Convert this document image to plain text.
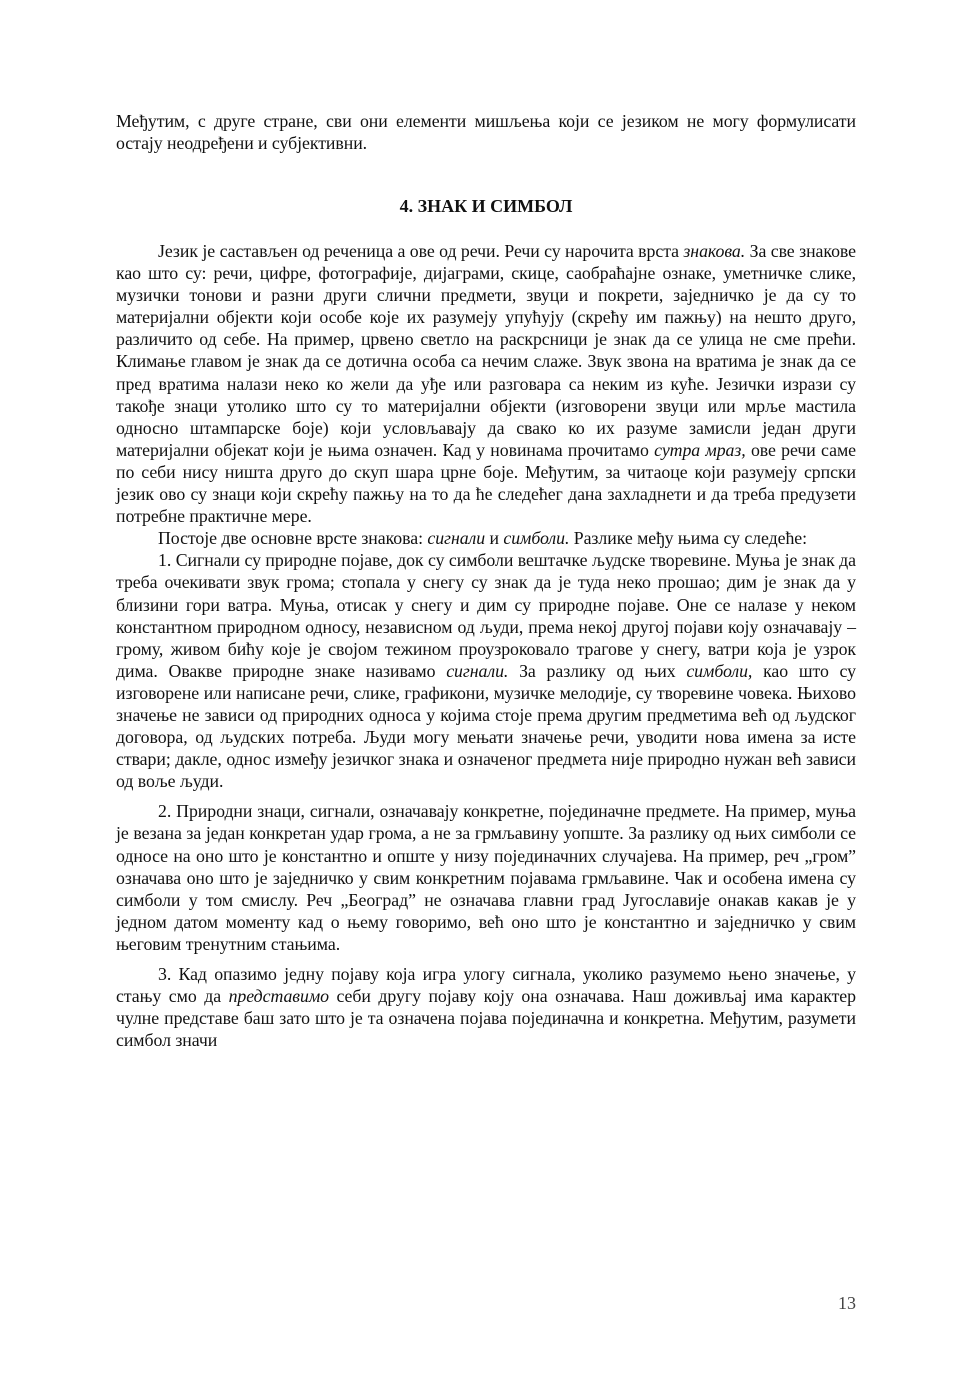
Међутим, с друге стране, сви они елементи мишљења који се језиком не могу формулисати остају неодређени и субјективни.

4. ЗНАК И СИМБОЛ

Језик је састављен од реченица а ове од речи. Речи су нарочита врста знакова. За све знакове као што су: речи, цифре, фотографије, дијаграми, скице, саобраћајне ознаке, уметничке слике, музички тонови и разни други слични предмети, звуци и покрети, заједничко је да су то материјални објекти који особе које их разумеју упућују (скрећу им пажњу) на нешто друго, различито од себе. На пример, црвено светло на раскрсници је знак да се улица не сме прећи. Климање главом је знак да се дотична особа са нечим слаже. Звук звона на вратима је знак да се пред вратима налази неко ко жели да уђе или разговара са неким из куће. Језички изрази су такође знаци утолико што су то материјални објекти (изговорени звуци или мрље мастила односно штампарске боје) који условљавају да свако ко их разуме замисли један други материјални објекат који је њима означен. Кад у новинама прочитамо сутра мраз, ове речи саме по себи нису ништа друго до скуп шара црне боје. Међутим, за читаоце који разумеју српски језик ово су знаци који скрећу пажњу на то да ће следећег дана захладнети и да треба предузети потребне практичне мере.

Постоје две основне врсте знакова: сигнали и симболи. Разлике међу њима су следеће:

1. Сигнали су природне појаве, док су симболи вештачке људске творевине. Муња је знак да треба очекивати звук грома; стопала у снегу су знак да је туда неко прошао; дим је знак да у близини гори ватра. Муња, отисак у снегу и дим су природне појаве. Оне се налазе у неком константном природном односу, независном од људи, према некој другој појави коју означавају – грому, живом бићу које је својом тежином проузроковало трагове у снегу, ватри која је узрок дима. Овакве природне знаке називамо сигнали. За разлику од њих симболи, као што су изговорене или написане речи, слике, графикони, музичке мелодије, су творевине човека. Њихово значење не зависи од природних односа у којима стоје према другим предметима већ од људског договора, од људских потреба. Људи могу мењати значење речи, уводити нова имена за исте ствари; дакле, однос између језичког знака и означеног предмета није природно нужан већ зависи од воље људи.

2. Природни знаци, сигнали, означавају конкретне, појединачне предмете. На пример, муња је везана за један конкретан удар грома, а не за грмљавину уопште. За разлику од њих симболи се односе на оно што је константно и опште у низу појединачних случајева. На пример, реч „гром” означава оно што је заједничко у свим конкретним појавама грмљавине. Чак и особена имена су симболи у том смислу. Реч „Београд” не означава главни град Југославије онакав какав је у једном датом моменту кад о њему говоримо, већ оно што је константно и заједничко у свим његовим тренутним стањима.

3. Кад опазимо једну појаву која игра улогу сигнала, уколико разумемо њено значење, у стању смо да представимо себи другу појаву коју она означава. Наш доживљај има карактер чулне представе баш зато што је та означена појава појединачна и конкретна. Међутим, разумети симбол значи

13
